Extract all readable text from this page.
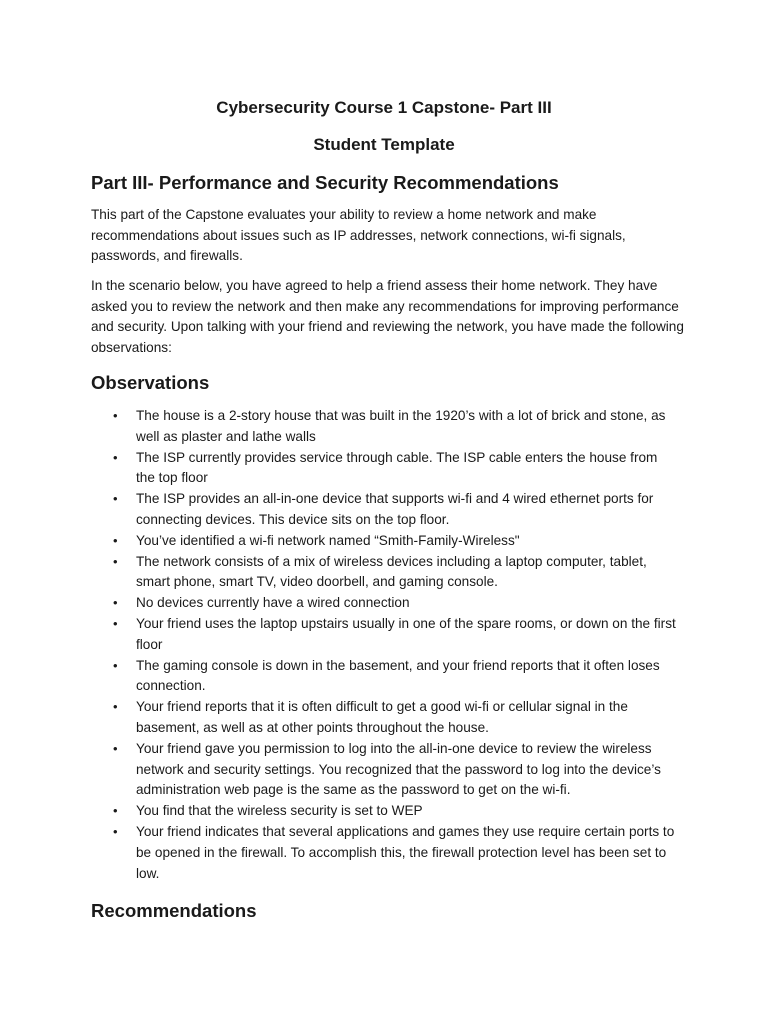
Cybersecurity Course 1 Capstone- Part III
Student Template
Part III- Performance and Security Recommendations

This part of the Capstone evaluates your ability to review a home network and make recommendations about issues such as IP addresses, network connections, wi-fi signals, passwords, and firewalls.

In the scenario below, you have agreed to help a friend assess their home network. They have asked you to review the network and then make any recommendations for improving performance and security. Upon talking with your friend and reviewing the network, you have made the following observations:

Observations
• The house is a 2-story house that was built in the 1920’s with a lot of brick and stone, as well as plaster and lathe walls
• The ISP currently provides service through cable. The ISP cable enters the house from the top floor
• The ISP provides an all-in-one device that supports wi-fi and 4 wired ethernet ports for connecting devices. This device sits on the top floor.
• You’ve identified a wi-fi network named “Smith-Family-Wireless"
• The network consists of a mix of wireless devices including a laptop computer, tablet, smart phone, smart TV, video doorbell, and gaming console.
• No devices currently have a wired connection
• Your friend uses the laptop upstairs usually in one of the spare rooms, or down on the first floor
• The gaming console is down in the basement, and your friend reports that it often loses connection.
• Your friend reports that it is often difficult to get a good wi-fi or cellular signal in the basement, as well as at other points throughout the house.
• Your friend gave you permission to log into the all-in-one device to review the wireless network and security settings. You recognized that the password to log into the device’s administration web page is the same as the password to get on the wi-fi.
• You find that the wireless security is set to WEP
• Your friend indicates that several applications and games they use require certain ports to be opened in the firewall. To accomplish this, the firewall protection level has been set to low.
Recommendations
